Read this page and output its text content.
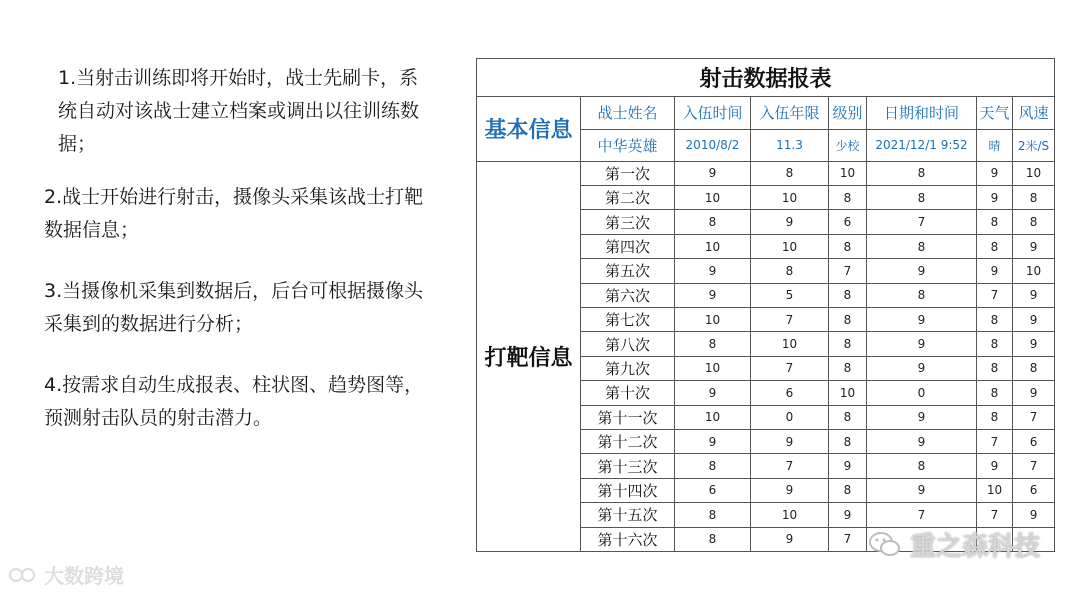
1.当射击训练即将开始时，战士先刷卡，系统自动对该战士建立档案或调出以往训练数据；

2.战士开始进行射击，摄像头采集该战士打靶数据信息；

3.当摄像机采集到数据后，后台可根据摄像头采集到的数据进行分析；

4.按需求自动生成报表、柱状图、趋势图等，预测射击队员的射击潜力。

射击数据报表							
基本信息	战士姓名	入伍时间	入伍年限	级别	日期和时间	天气	风速
	中华英雄	2010/8/2	11.3	少校	2021/12/1 9:52	晴	2米/S
打靶信息	第一次	9	8	10	8	9	10
	第二次	10	10	8	8	9	8
	第三次	8	9	6	7	8	8
	第四次	10	10	8	8	8	9
	第五次	9	8	7	9	9	10
	第六次	9	5	8	8	7	9
	第七次	10	7	8	9	8	9
	第八次	8	10	8	9	8	9
	第九次	10	7	8	9	8	8
	第十次	9	6	10	0	8	9
	第十一次	10	0	8	9	8	7
	第十二次	9	9	8	9	7	6
	第十三次	8	7	9	8	9	7
	第十四次	6	9	8	9	10	6
	第十五次	8	10	9	7	7	9
	第十六次	8	9	7			
大数跨境
重之森科技
